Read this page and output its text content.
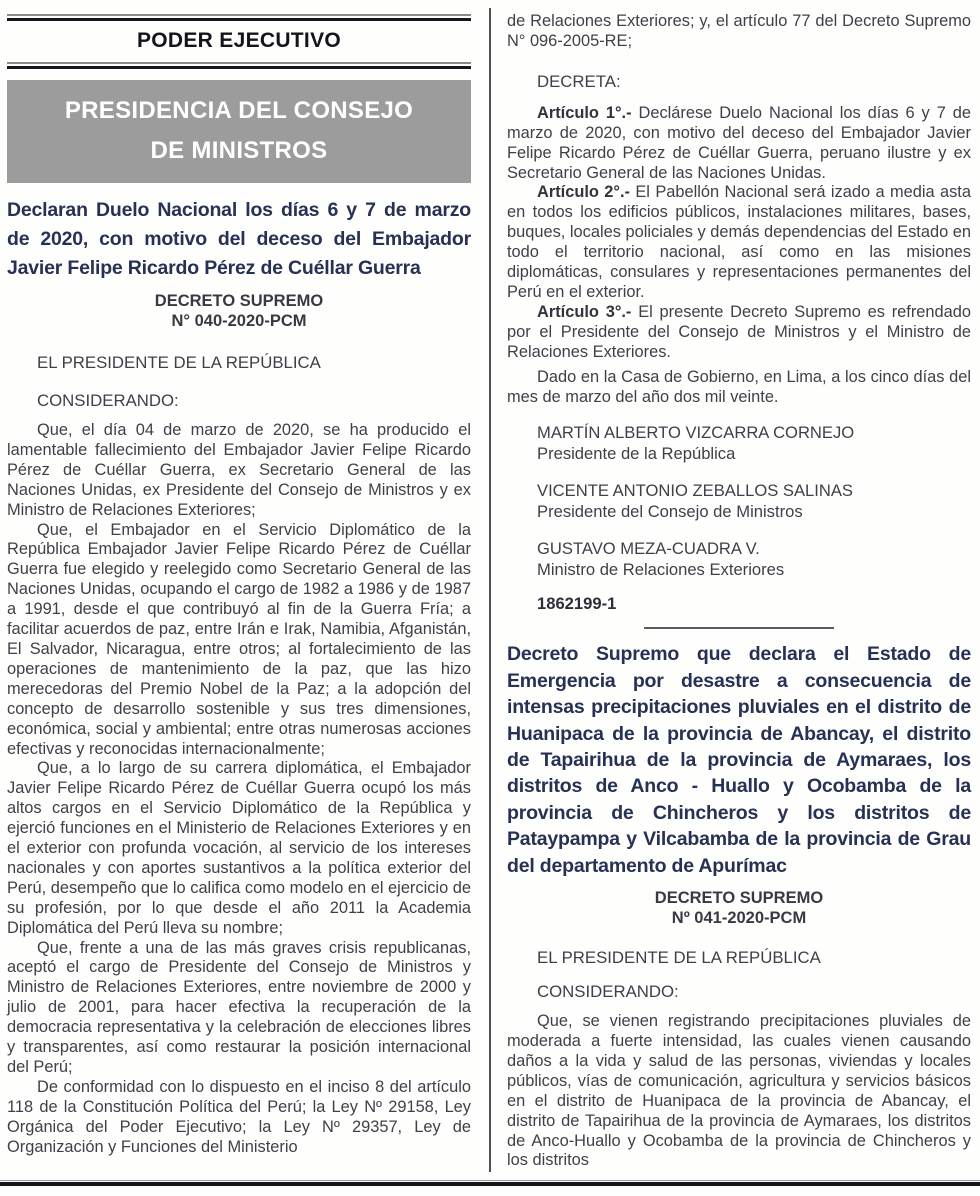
PODER EJECUTIVO
PRESIDENCIA DEL CONSEJO
DE MINISTROS
Declaran Duelo Nacional los días 6 y 7 de marzo de 2020, con motivo del deceso del Embajador Javier Felipe Ricardo Pérez de Cuéllar Guerra
DECRETO SUPREMO
N° 040-2020-PCM
EL PRESIDENTE DE LA REPÚBLICA
CONSIDERANDO:

Que, el día 04 de marzo de 2020, se ha producido el lamentable fallecimiento del Embajador Javier Felipe Ricardo Pérez de Cuéllar Guerra, ex Secretario General de las Naciones Unidas, ex Presidente del Consejo de Ministros y ex Ministro de Relaciones Exteriores;

Que, el Embajador en el Servicio Diplomático de la República Embajador Javier Felipe Ricardo Pérez de Cuéllar Guerra fue elegido y reelegido como Secretario General de las Naciones Unidas, ocupando el cargo de 1982 a 1986 y de 1987 a 1991, desde el que contribuyó al fin de la Guerra Fría; a facilitar acuerdos de paz, entre Irán e Irak, Namibia, Afganistán, El Salvador, Nicaragua, entre otros; al fortalecimiento de las operaciones de mantenimiento de la paz, que las hizo merecedoras del Premio Nobel de la Paz; a la adopción del concepto de desarrollo sostenible y sus tres dimensiones, económica, social y ambiental; entre otras numerosas acciones efectivas y reconocidas internacionalmente;

Que, a lo largo de su carrera diplomática, el Embajador Javier Felipe Ricardo Pérez de Cuéllar Guerra ocupó los más altos cargos en el Servicio Diplomático de la República y ejerció funciones en el Ministerio de Relaciones Exteriores y en el exterior con profunda vocación, al servicio de los intereses nacionales y con aportes sustantivos a la política exterior del Perú, desempeño que lo califica como modelo en el ejercicio de su profesión, por lo que desde el año 2011 la Academia Diplomática del Perú lleva su nombre;

Que, frente a una de las más graves crisis republicanas, aceptó el cargo de Presidente del Consejo de Ministros y Ministro de Relaciones Exteriores, entre noviembre de 2000 y julio de 2001, para hacer efectiva la recuperación de la democracia representativa y la celebración de elecciones libres y transparentes, así como restaurar la posición internacional del Perú;

De conformidad con lo dispuesto en el inciso 8 del artículo 118 de la Constitución Política del Perú; la Ley Nº 29158, Ley Orgánica del Poder Ejecutivo; la Ley Nº 29357, Ley de Organización y Funciones del Ministerio

de Relaciones Exteriores; y, el artículo 77 del Decreto Supremo N° 096-2005-RE;

DECRETA:

Artículo 1°.- Declárese Duelo Nacional los días 6 y 7 de marzo de 2020, con motivo del deceso del Embajador Javier Felipe Ricardo Pérez de Cuéllar Guerra, peruano ilustre y ex Secretario General de las Naciones Unidas.

Artículo 2°.- El Pabellón Nacional será izado a media asta en todos los edificios públicos, instalaciones militares, bases, buques, locales policiales y demás dependencias del Estado en todo el territorio nacional, así como en las misiones diplomáticas, consulares y representaciones permanentes del Perú en el exterior.

Artículo 3°.- El presente Decreto Supremo es refrendado por el Presidente del Consejo de Ministros y el Ministro de Relaciones Exteriores.

Dado en la Casa de Gobierno, en Lima, a los cinco días del mes de marzo del año dos mil veinte.

MARTÍN ALBERTO VIZCARRA CORNEJO
Presidente de la República
VICENTE ANTONIO ZEBALLOS SALINAS
Presidente del Consejo de Ministros
GUSTAVO MEZA-CUADRA V.
Ministro de Relaciones Exteriores
1862199-1
Decreto Supremo que declara el Estado de Emergencia por desastre a consecuencia de intensas precipitaciones pluviales en el distrito de Huanipaca de la provincia de Abancay, el distrito de Tapairihua de la provincia de Aymaraes, los distritos de Anco - Huallo y Ocobamba de la provincia de Chincheros y los distritos de Pataypampa y Vilcabamba de la provincia de Grau del departamento de Apurímac
DECRETO SUPREMO
Nº 041-2020-PCM
EL PRESIDENTE DE LA REPÚBLICA
CONSIDERANDO:

Que, se vienen registrando precipitaciones pluviales de moderada a fuerte intensidad, las cuales vienen causando daños a la vida y salud de las personas, viviendas y locales públicos, vías de comunicación, agricultura y servicios básicos en el distrito de Huanipaca de la provincia de Abancay, el distrito de Tapairihua de la provincia de Aymaraes, los distritos de Anco-Huallo y Ocobamba de la provincia de Chincheros y los distritos
